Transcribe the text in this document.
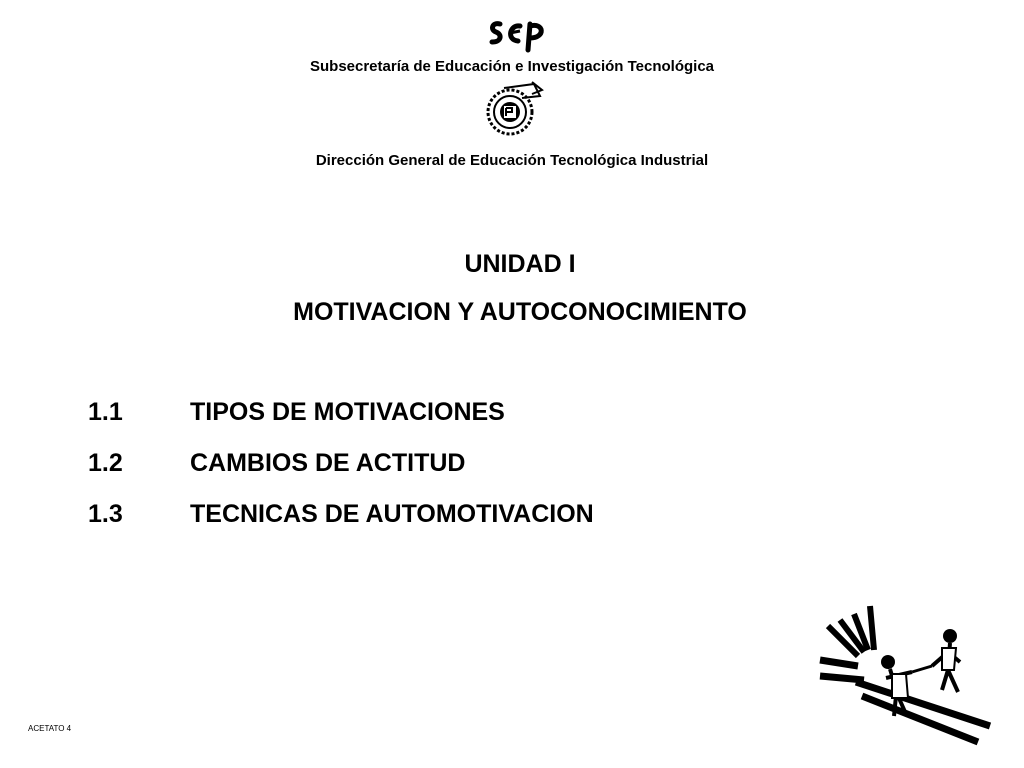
Subsecretaría de Educación e Investigación Tecnológica
Dirección General de Educación Tecnológica Industrial
UNIDAD I
MOTIVACION Y AUTOCONOCIMIENTO
1.1	TIPOS DE MOTIVACIONES
1.2	CAMBIOS DE ACTITUD
1.3	TECNICAS DE AUTOMOTIVACION
ACETATO 4
